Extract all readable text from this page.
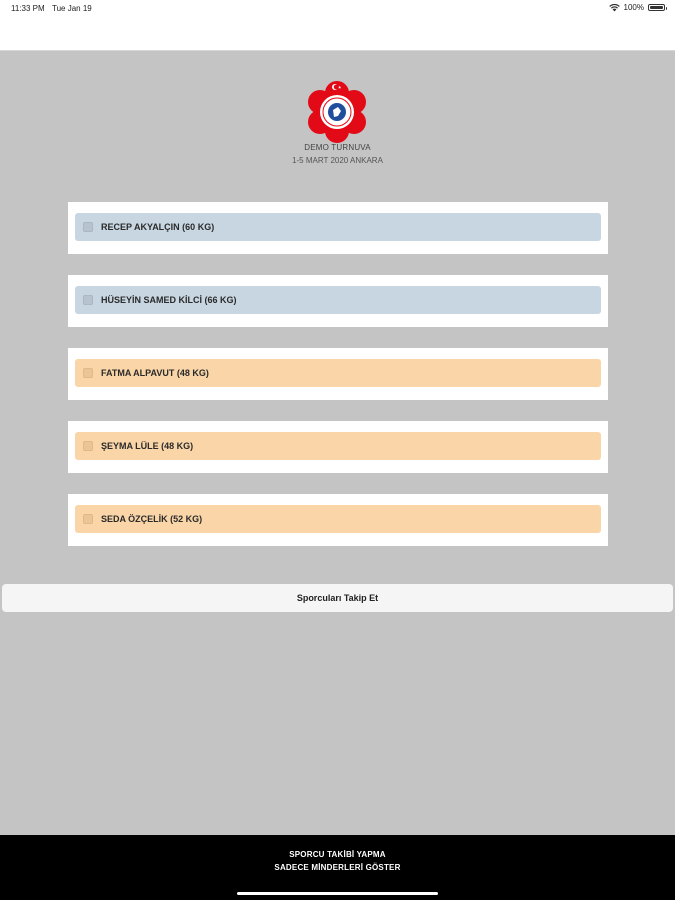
11:33 PM Tue Jan 19	100%
DEMO TURNUVA
1-5 MART 2020 ANKARA
RECEP AKYALÇIN (60 KG)
HÜSEYİN SAMED KİLCİ (66 KG)
FATMA ALPAVUT (48 KG)
ŞEYMA LÜLE (48 KG)
SEDA ÖZÇELİK (52 KG)
Sporcuları Takip Et
SPORCU TAKİBİ YAPMA
SADECE MİNDERLERİ GÖSTER
